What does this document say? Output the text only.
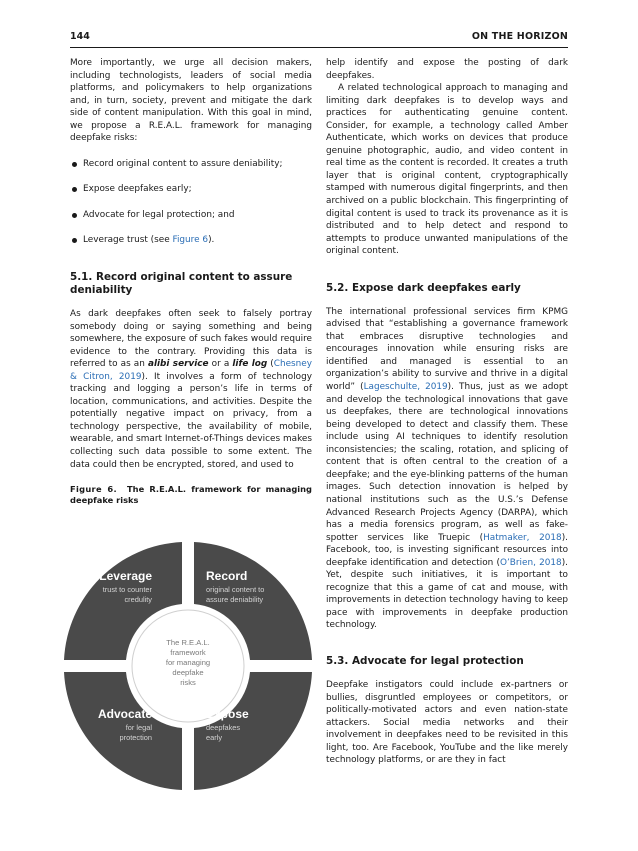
144	ON THE HORIZON

More importantly, we urge all decision makers, including technologists, leaders of social media platforms, and policymakers to help organizations and, in turn, society, prevent and mitigate the dark side of content manipulation. With this goal in mind, we propose a R.E.A.L. framework for managing deepfake risks:

Record original content to assure deniability;
Expose deepfakes early;
Advocate for legal protection; and
Leverage trust (see Figure 6).
5.1. Record original content to assure deniability

As dark deepfakes often seek to falsely portray somebody doing or saying something and being somewhere, the exposure of such fakes would require evidence to the contrary. Providing this data is referred to as an alibi service or a life log (Chesney & Citron, 2019). It involves a form of technology tracking and logging a person’s life in terms of location, communications, and activities. Despite the potentially negative impact on privacy, from a technology perspective, the availability of mobile, wearable, and smart Internet-of-Things devices makes collecting such data possible to some extent. The data could then be encrypted, stored, and used to

Figure 6.  The R.E.A.L. framework for managing deepfake risks
The R.E.A.L.
framework
for managing
deepfake
risks
Leverage	Record
Advocate	Expose
trust to counter
credulity
original content to
assure deniability
for legal
protection
deepfakes
early

help identify and expose the posting of dark deepfakes.

A related technological approach to managing and limiting dark deepfakes is to develop ways and practices for authenticating genuine content. Consider, for example, a technology called Amber Authenticate, which works on devices that produce genuine photographic, audio, and video content in real time as the content is recorded. It creates a truth layer that is original content, cryptographically stamped with numerous digital fingerprints, and then archived on a public blockchain. This fingerprinting of digital content is used to track its provenance as it is distributed and to help detect and respond to attempts to produce unwanted manipulations of the original content.

5.2. Expose dark deepfakes early

The international professional services firm KPMG advised that “establishing a governance framework that embraces disruptive technologies and encourages innovation while ensuring risks are identified and managed is essential to an organization’s ability to survive and thrive in a digital world” (Lageschulte, 2019). Thus, just as we adopt and develop the technological innovations that gave us deepfakes, there are technological innovations being developed to detect and classify them. These include using AI techniques to identify resolution inconsistencies; the scaling, rotation, and splicing of content that is often central to the creation of a deepfake; and the eye-blinking patterns of the human images. Such detection innovation is helped by national institutions such as the U.S.’s Defense Advanced Research Projects Agency (DARPA), which has a media forensics program, as well as fake-spotter services like Truepic (Hatmaker, 2018). Facebook, too, is investing significant resources into deepfake identification and detection (O’Brien, 2018). Yet, despite such initiatives, it is important to recognize that this a game of cat and mouse, with improvements in detection technology having to keep pace with improvements in deepfake production technology.

5.3. Advocate for legal protection

Deepfake instigators could include ex-partners or bullies, disgruntled employees or competitors, or politically-motivated actors and even nation-state attackers. Social media networks and their involvement in deepfakes need to be revisited in this light, too. Are Facebook, YouTube and the like merely technology platforms, or are they in fact
